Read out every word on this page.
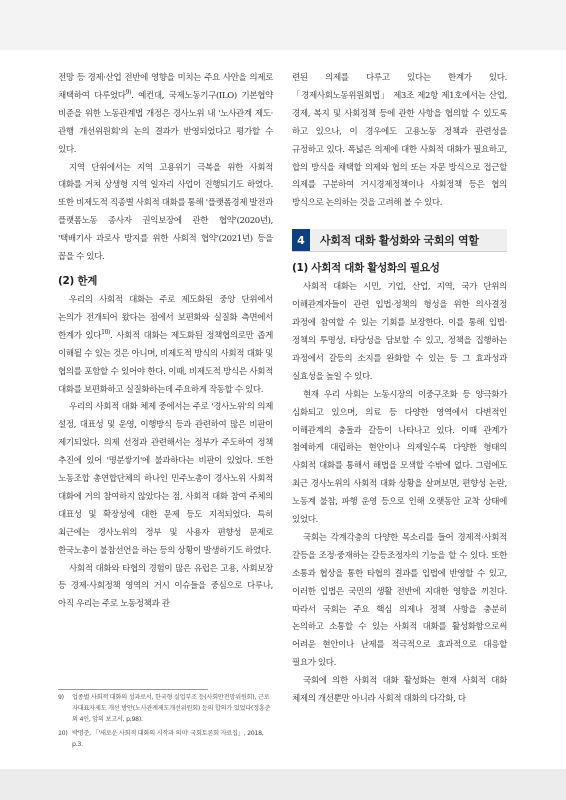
전망 등 경제·산업 전반에 영향을 미치는 주요 사안을 의제로 채택하여 다루었다$^{9)}$. 예컨대, 국제노동기구(ILO) 기본협약 비준을 위한 노동관계법 개정은 경사노위 내 '노사관계 제도·관행 개선위원회'의 논의 결과가 반영되었다고 평가할 수 있다.

지역 단위에서는 지역 고용위기 극복을 위한 사회적 대화를 거쳐 상생형 지역 일자리 사업이 진행되기도 하였다. 또한 비제도적 직종별 사회적 대화를 통해 '플랫폼경제 발전과 플랫폼노동 종사자 권익보장에 관한 협약'(2020년), '택배기사 과로사 방지를 위한 사회적 협약'(2021년) 등을 꼽을 수 있다.

(2) 한계

우리의 사회적 대화는 주로 제도화된 중앙 단위에서 논의가 전개되어 왔다는 점에서 보편화와 실질화 측면에서 한계가 있다$^{10)}$. 사회적 대화는 제도화된 정책협의로만 좁게 이해될 수 있는 것은 아니며, 비제도적 방식의 사회적 대화 및 협의를 포함할 수 있어야 한다. 이때, 비제도적 방식은 사회적 대화를 보편화하고 실질화하는데 주요하게 작동할 수 있다.

우리의 사회적 대화 체제 중에서는 주로 '경사노위'의 의제 설정, 대표성 및 운영, 이행방식 등과 관련하여 많은 비판이 제기되었다. 의제 선정과 관련해서는 정부가 주도하여 정책 추진에 있어 '명분쌓기'에 불과하다는 비판이 있었다. 또한 노동조합 총연합단체의 하나인 민주노총이 경사노위 사회적 대화에 거의 참여하지 않았다는 점, 사회적 대화 참여 주체의 대표성 및 확장성에 대한 문제 등도 지적되었다. 특히 최근에는 경사노위의 정부 및 사용자 편향성 문제로 한국노총이 불참선언을 하는 등의 상황이 발생하기도 하였다.

사회적 대화와 타협의 경험이 많은 유럽은 고용, 사회보장 등 경제·사회정책 영역의 거시 이슈들을 중심으로 다루나, 아직 우리는 주로 노동정책과 관

련된 의제를 다루고 있다는 한계가 있다. 「경제사회노동위원회법」 제3조 제2항 제1호에서는 산업, 경제, 복지 및 사회정책 등에 관한 사항을 협의할 수 있도록 하고 있으나, 이 경우에도 고용노동 정책과 관련성을 규정하고 있다. 폭넓은 의제에 대한 사회적 대화가 필요하고, 합의 방식을 채택할 의제와 협의 또는 자문 방식으로 접근할 의제를 구분하여 거시경제정책이나 사회정책 등은 협의 방식으로 논의하는 것을 고려해 볼 수 있다.

4	사회적 대화 활성화와 국회의 역할
(1) 사회적 대화 활성화의 필요성

사회적 대화는 시민, 기업, 산업, 지역, 국가 단위의 이해관계자들이 관련 입법·정책의 형성을 위한 의사결정 과정에 참여할 수 있는 기회를 보장한다. 이를 통해 입법·정책의 투명성, 타당성을 담보할 수 있고, 정책을 집행하는 과정에서 갈등의 소지를 완화할 수 있는 등 그 효과성과 실효성을 높일 수 있다.

현재 우리 사회는 노동시장의 이중구조화 등 양극화가 심화되고 있으며, 의료 등 다양한 영역에서 다변적인 이해관계의 충돌과 갈등이 나타나고 있다. 이때 관계가 첨예하게 대립하는 현안이나 의제일수록 다양한 형태의 사회적 대화를 통해서 해법을 모색할 수밖에 없다. 그럼에도 최근 경사노위의 사회적 대화 상황을 살펴보면, 편향성 논란, 노동계 불참, 파행 운영 등으로 인해 오랫동안 교착 상태에 있었다.

국회는 각계각층의 다양한 목소리를 들어 경제적·사회적 갈등을 조정·중재하는 갈등조정자의 기능을 할 수 있다. 또한 소통과 협상을 통한 타협의 결과를 입법에 반영할 수 있고, 이러한 입법은 국민의 생활 전반에 지대한 영향을 끼친다. 따라서 국회는 주요 핵심 의제나 정책 사항을 충분히 논의하고 소통할 수 있는 사회적 대화를 활성화함으로써 어려운 현안이나 난제를 적극적으로 효과적으로 대응할 필요가 있다.

국회에 의한 사회적 대화 활성화는 현재 사회적 대화 체제의 개선뿐만 아니라 사회적 대화의 다각화, 다

9)	업종별 사회적 대화의 성과로서, 한국형 실업부조 등(사회안전망위원회), 근로자대표자제도 개선 방안(노사관계제도개선위원회) 등의 합의가 있었다(정흥준 외 4인, 앞의 보고서, p.98).
10) 박명준, 「'새로운 사회적 대화의 시작과 의미' 국회토론회 자료집」, 2018, p.3.
